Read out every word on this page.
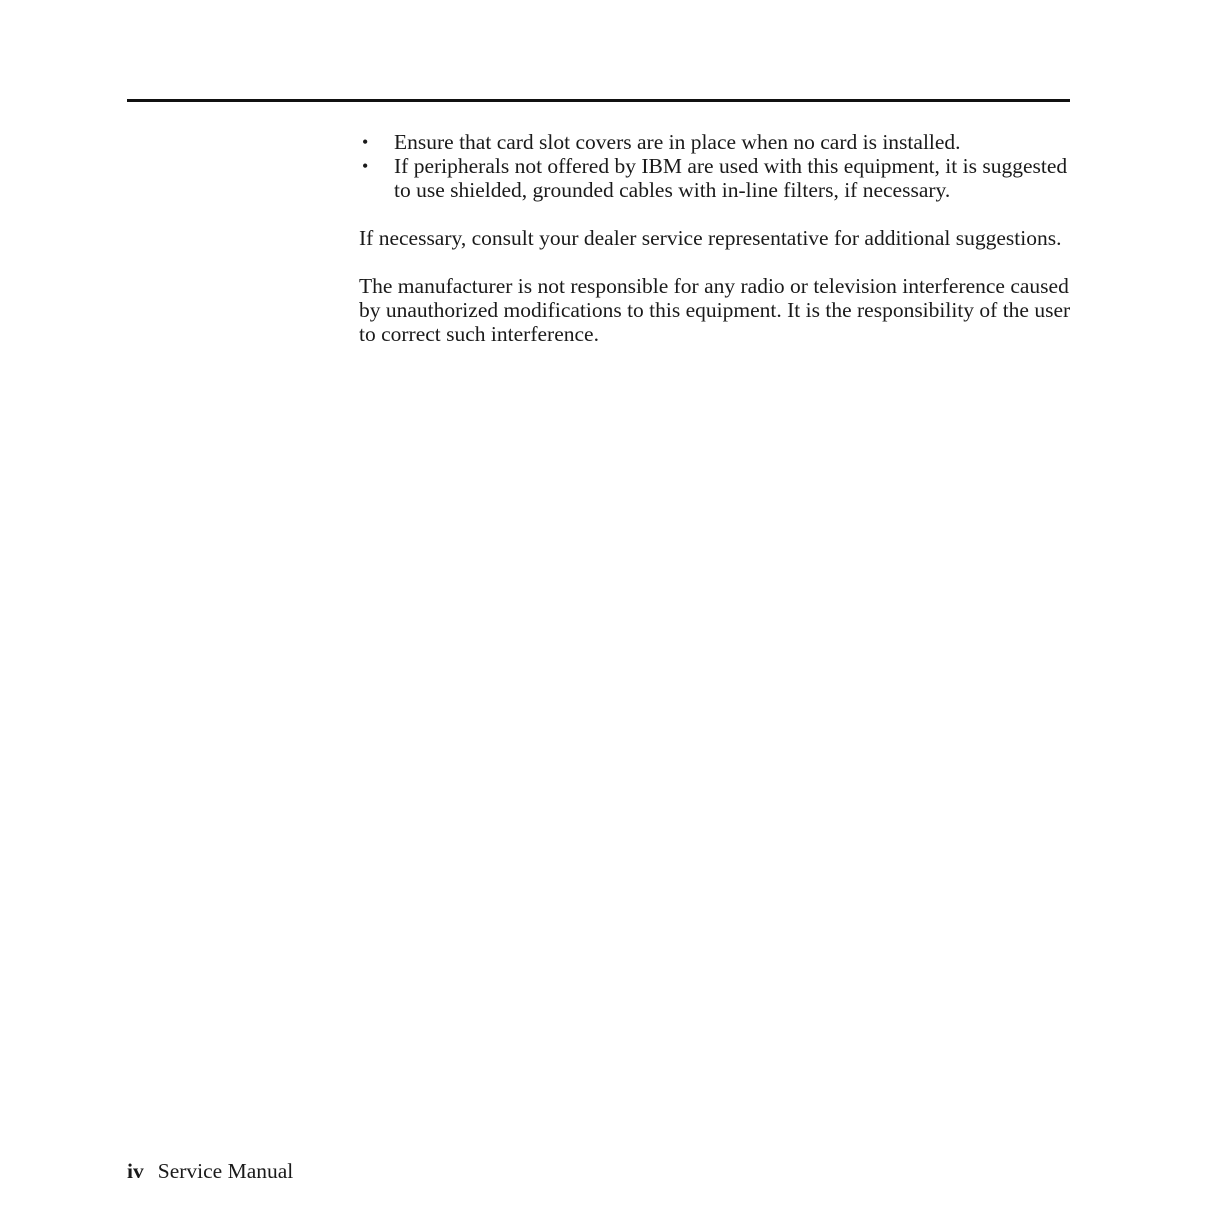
• Ensure that card slot covers are in place when no card is installed.
• If peripherals not offered by IBM are used with this equipment, it is suggested to use shielded, grounded cables with in-line filters, if necessary.

If necessary, consult your dealer service representative for additional suggestions.

The manufacturer is not responsible for any radio or television interference caused by unauthorized modifications to this equipment. It is the responsibility of the user to correct such interference.

iv Service Manual
